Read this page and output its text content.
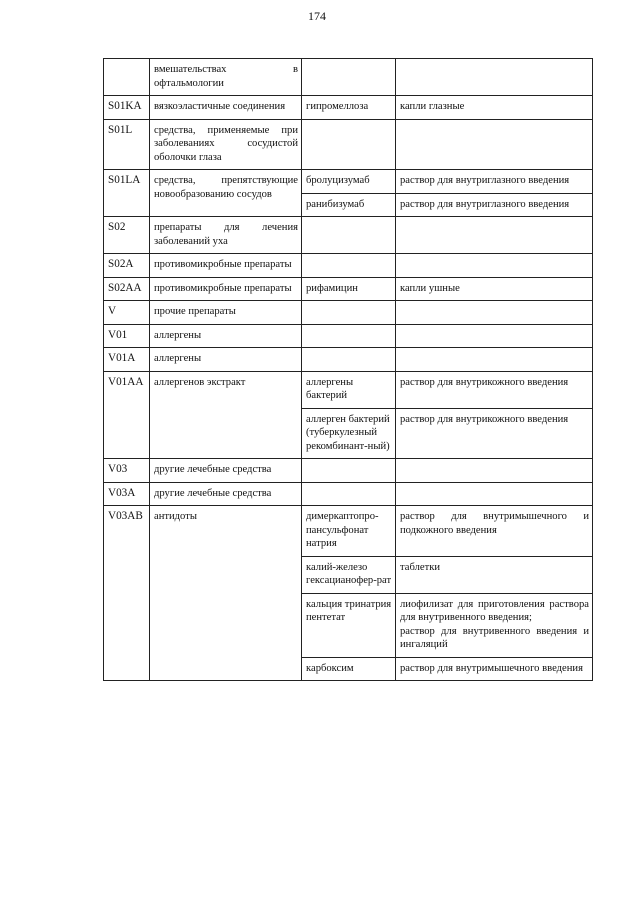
174
	вмешательствах в офтальмологии		

S01KA	вязкоэластичные соединения	гипромеллоза	капли глазные

S01L	средства, применяемые при заболеваниях сосудистой оболочки глаза		

S01LA	средства, препятствующие новообразованию сосудов	бролуцизумаб	раствор для внутриглазного введения

		ранибизумаб	раствор для внутриглазного введения

S02	препараты для лечения заболеваний уха		

S02A	противомикробные препараты		

S02AA	противомикробные препараты	рифамицин	капли ушные

V	прочие препараты		

V01	аллергены		

V01A	аллергены		

V01AA	аллергенов экстракт	аллергены бактерий	раствор для внутрикожного введения

		аллерген бактерий (туберкулезный рекомбинант-ный)	раствор для внутрикожного введения

V03	другие лечебные средства		

V03A	другие лечебные средства		

V03AB	антидоты	димеркаптопро-пансульфонат натрия	раствор для внутримышечного и подкожного введения

		калий-железо гексацианофер-рат	таблетки

		кальция тринатрия пентетат	лиофилизат для приготовления раствора для внутривенного введения;
раствор для внутривенного введения и ингаляций

		карбоксим	раствор для внутримышечного введения
